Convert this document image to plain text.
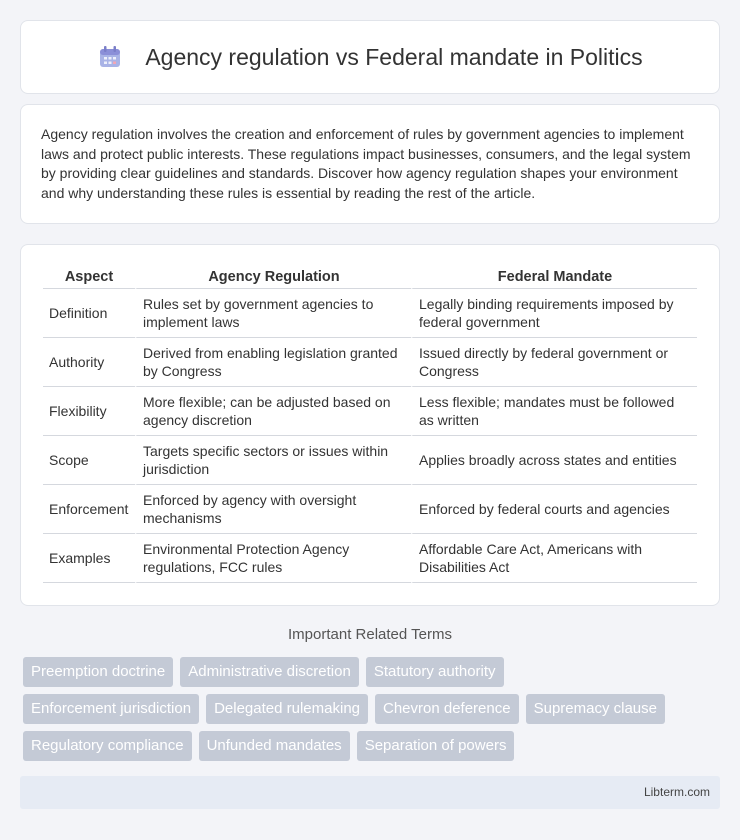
Agency regulation vs Federal mandate in Politics

Agency regulation involves the creation and enforcement of rules by government agencies to implement laws and protect public interests. These regulations impact businesses, consumers, and the legal system by providing clear guidelines and standards. Discover how agency regulation shapes your environment and why understanding these rules is essential by reading the rest of the article.

Aspect	Agency Regulation	Federal Mandate
Definition	Rules set by government agencies to implement laws	Legally binding requirements imposed by federal government
Authority	Derived from enabling legislation granted by Congress	Issued directly by federal government or Congress
Flexibility	More flexible; can be adjusted based on agency discretion	Less flexible; mandates must be followed as written
Scope	Targets specific sectors or issues within jurisdiction	Applies broadly across states and entities
Enforcement	Enforced by agency with oversight mechanisms	Enforced by federal courts and agencies
Examples	Environmental Protection Agency regulations, FCC rules	Affordable Care Act, Americans with Disabilities Act
Important Related Terms
Preemption doctrine	Administrative discretion	Statutory authority
Enforcement jurisdiction	Delegated rulemaking	Chevron deference	Supremacy clause
Regulatory compliance	Unfunded mandates	Separation of powers
Libterm.com
